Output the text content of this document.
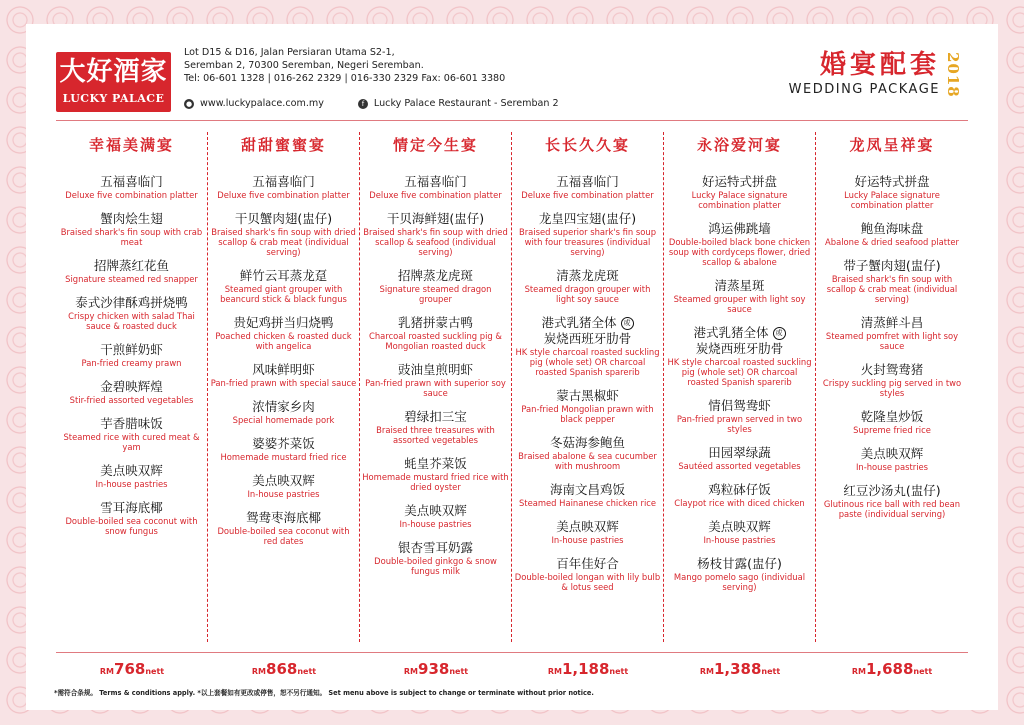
大好酒家
LUCKY PALACE
Lot D15 & D16, Jalan Persiaran Utama S2-1,
Seremban 2, 70300 Seremban, Negeri Seremban.
Tel: 06-601 1328 | 016-262 2329 | 016-330 2329 Fax: 06-601 3380
● www.luckypalace.com.my	f	Lucky Palace Restaurant - Seremban 2
婚宴配套
WEDDING PACKAGE 2018
幸福美满宴
五福喜临门
Deluxe five combination platter
蟹肉烩生翅
Braised shark's fin soup with crab meat
招牌蒸红花鱼
Signature steamed red snapper
泰式沙律酥鸡拼烧鸭
Crispy chicken with salad Thai sauce & roasted duck
干煎鲜奶虾
Pan-fried creamy prawn
金碧映辉煌
Stir-fried assorted vegetables
芋香腊味饭
Steamed rice with cured meat & yam
美点映双辉
In-house pastries
雪耳海底椰
Double-boiled sea coconut with snow fungus
甜甜蜜蜜宴
五福喜临门
Deluxe five combination platter
干贝蟹肉翅(盅仔)
Braised shark's fin soup with dried scallop & crab meat (individual serving)
鲜竹云耳蒸龙趸
Steamed giant grouper with beancurd stick & black fungus
贵妃鸡拼当归烧鸭
Poached chicken & roasted duck with angelica
风味鲜明虾
Pan-fried prawn with special sauce
浓情家乡肉
Special homemade pork
婆婆芥菜饭
Homemade mustard fried rice
美点映双辉
In-house pastries
鸳鸯枣海底椰
Double-boiled sea coconut with red dates
情定今生宴
五福喜临门
Deluxe five combination platter
干贝海鲜翅(盅仔)
Braised shark's fin soup with dried scallop & seafood (individual serving)
招牌蒸龙虎斑
Signature steamed dragon grouper
乳猪拼蒙古鸭
Charcoal roasted suckling pig & Mongolian roasted duck
豉油皇煎明虾
Pan-fried prawn with superior soy sauce
碧绿扣三宝
Braised three treasures with assorted vegetables
蚝皇芥菜饭
Homemade mustard fried rice with dried oyster
美点映双辉
In-house pastries
银杏雪耳奶露
Double-boiled ginkgo & snow fungus milk
长长久久宴
五福喜临门
Deluxe five combination platter
龙皇四宝翅(盅仔)
Braised superior shark's fin soup with four treasures (individual serving)
清蒸龙虎斑
Steamed dragon grouper with light soy sauce
港式乳猪全体 或
炭烧西班牙肋骨
HK style charcoal roasted suckling pig (whole set) OR charcoal roasted Spanish sparerib
蒙古黑椒虾
Pan-fried Mongolian prawn with black pepper
冬菇海参鲍鱼
Braised abalone & sea cucumber with mushroom
海南文昌鸡饭
Steamed Hainanese chicken rice
美点映双辉
In-house pastries
百年佳好合
Double-boiled longan with lily bulb & lotus seed
永浴爱河宴
好运特式拼盘
Lucky Palace signature combination platter
鸿运佛跳墙
Double-boiled black bone chicken soup with cordyceps flower, dried scallop & abalone
清蒸星斑
Steamed grouper with light soy sauce
港式乳猪全体 或
炭烧西班牙肋骨
HK style charcoal roasted suckling pig (whole set) OR charcoal roasted Spanish sparerib
情侣鸳鸯虾
Pan-fried prawn served in two styles
田园翠绿蔬
Sautéed assorted vegetables
鸡粒砵仔饭
Claypot rice with diced chicken
美点映双辉
In-house pastries
杨枝甘露(盅仔)
Mango pomelo sago (individual serving)
龙凤呈祥宴
好运特式拼盘
Lucky Palace signature combination platter
鲍鱼海味盘
Abalone & dried seafood platter
带子蟹肉翅(盅仔)
Braised shark's fin soup with scallop & crab meat (individual serving)
清蒸鲜斗昌
Steamed pomfret with light soy sauce
火封鸳鸯猪
Crispy suckling pig served in two styles
乾隆皇炒饭
Supreme fried rice
美点映双辉
In-house pastries
红豆沙汤丸(盅仔)
Glutinous rice ball with red bean paste (individual serving)
RM768nett	RM868nett	RM938nett	RM1,188nett	RM1,388nett	RM1,688nett
*需符合条规。 Terms & conditions apply. *以上套餐如有更改或停售，恕不另行通知。 Set menu above is subject to change or terminate without prior notice.
